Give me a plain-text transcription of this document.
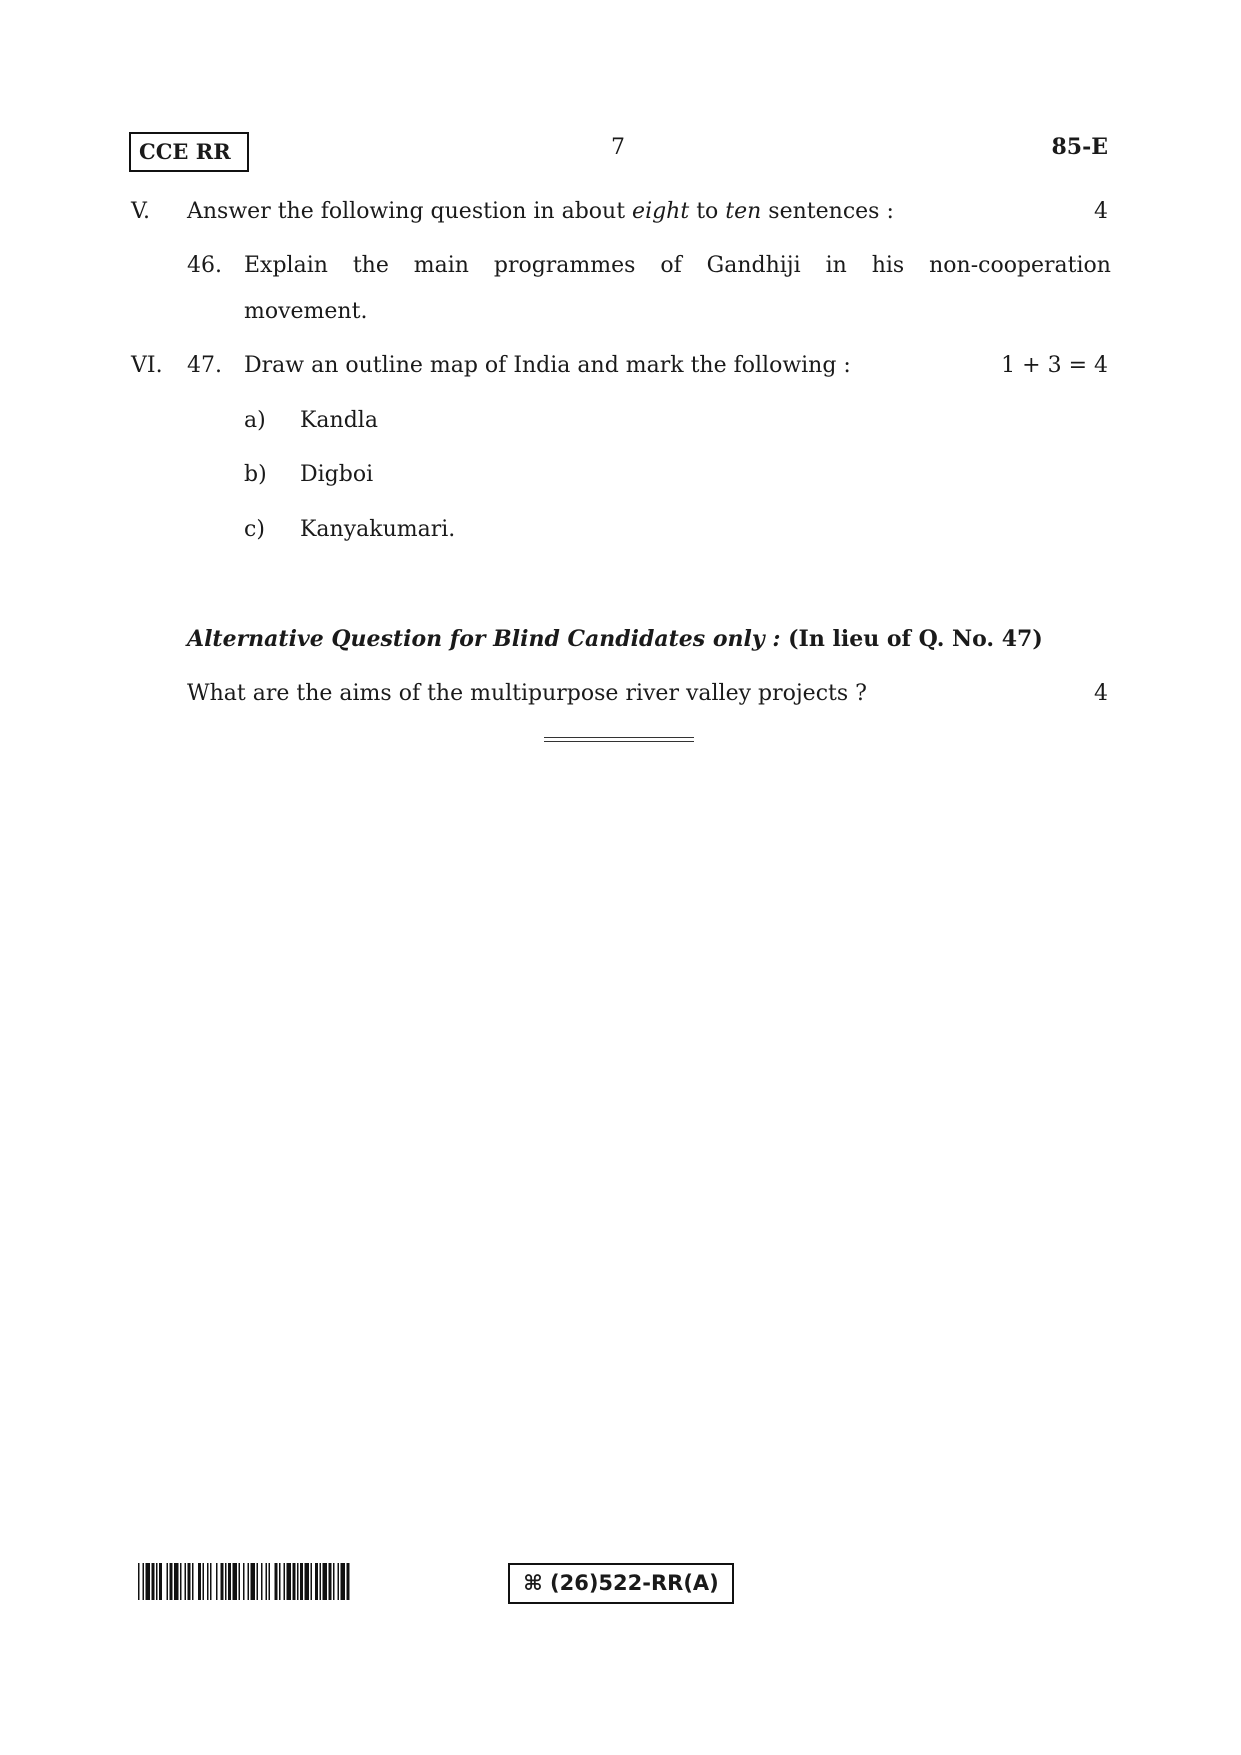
CCE RR	7	85-E
V. Answer the following question in about eight to ten sentences :	4
46. Explain the main programmes of Gandhiji in his non-cooperation
movement.
VI. 47. Draw an outline map of India and mark the following :	1 + 3 = 4
a) Kandla
b) Digboi
c) Kanyakumari.
Alternative Question for Blind Candidates only : (In lieu of Q. No. 47)
What are the aims of the multipurpose river valley projects ?	4
⌘ (26)522-RR(A)
